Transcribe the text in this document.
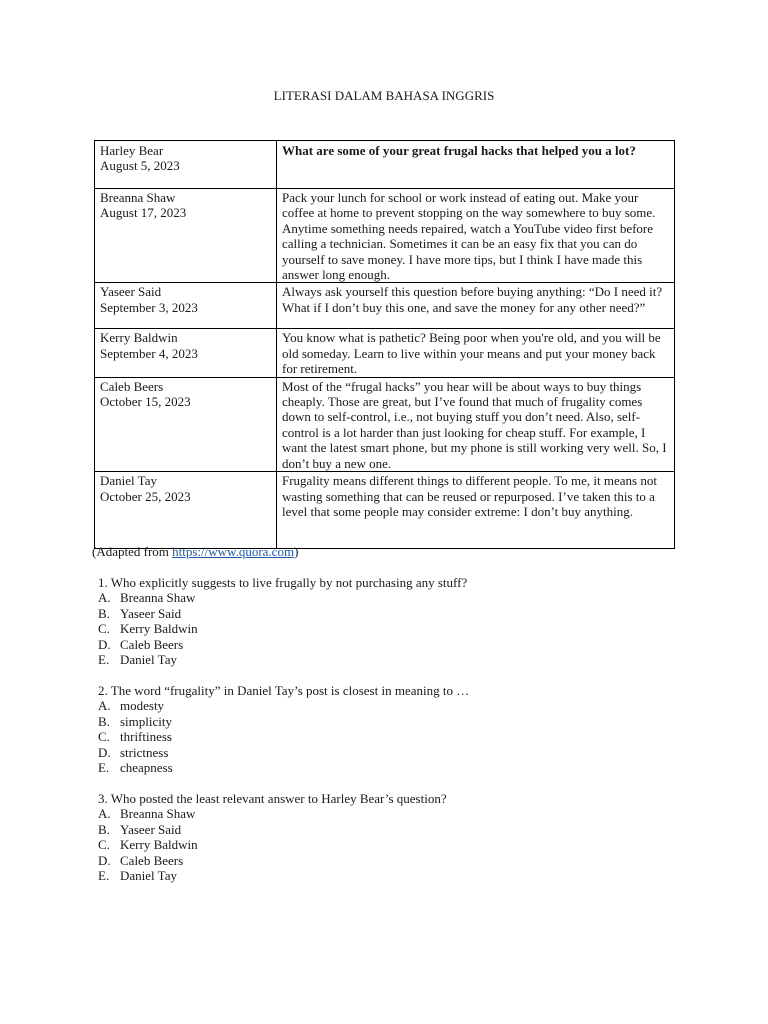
LITERASI DALAM BAHASA INGGRIS
Harley Bear
August 5, 2023	What are some of your great frugal hacks that helped you a lot?

Breanna Shaw
August 17, 2023	Pack your lunch for school or work instead of eating out. Make your coffee at home to prevent stopping on the way somewhere to buy some. Anytime something needs repaired, watch a YouTube video first before calling a technician. Sometimes it can be an easy fix that you can do yourself to save money. I have more tips, but I think I have made this answer long enough.

Yaseer Said
September 3, 2023	Always ask yourself this question before buying anything: “Do I need it? What if I don’t buy this one, and save the money for any other need?”

Kerry Baldwin
September 4, 2023	You know what is pathetic? Being poor when you're old, and you will be old someday. Learn to live within your means and put your money back for retirement.

Caleb Beers
October 15, 2023	Most of the “frugal hacks” you hear will be about ways to buy things cheaply. Those are great, but I’ve found that much of frugality comes down to self-control, i.e., not buying stuff you don’t need. Also, self-control is a lot harder than just looking for cheap stuff. For example, I want the latest smart phone, but my phone is still working very well. So, I don’t buy a new one.

Daniel Tay
October 25, 2023	Frugality means different things to different people. To me, it means not wasting something that can be reused or repurposed. I’ve taken this to a level that some people may consider extreme: I don’t buy anything.
(Adapted from https://www.quora.com)

1. Who explicitly suggests to live frugally by not purchasing any stuff?

A. Breanna Shaw
B. Yaseer Said
C. Kerry Baldwin
D. Caleb Beers
E. Daniel Tay

2. The word “frugality” in Daniel Tay’s post is closest in meaning to …

A. modesty
B. simplicity
C. thriftiness
D. strictness
E. cheapness

3. Who posted the least relevant answer to Harley Bear’s question?

A. Breanna Shaw
B. Yaseer Said
C. Kerry Baldwin
D. Caleb Beers
E. Daniel Tay
